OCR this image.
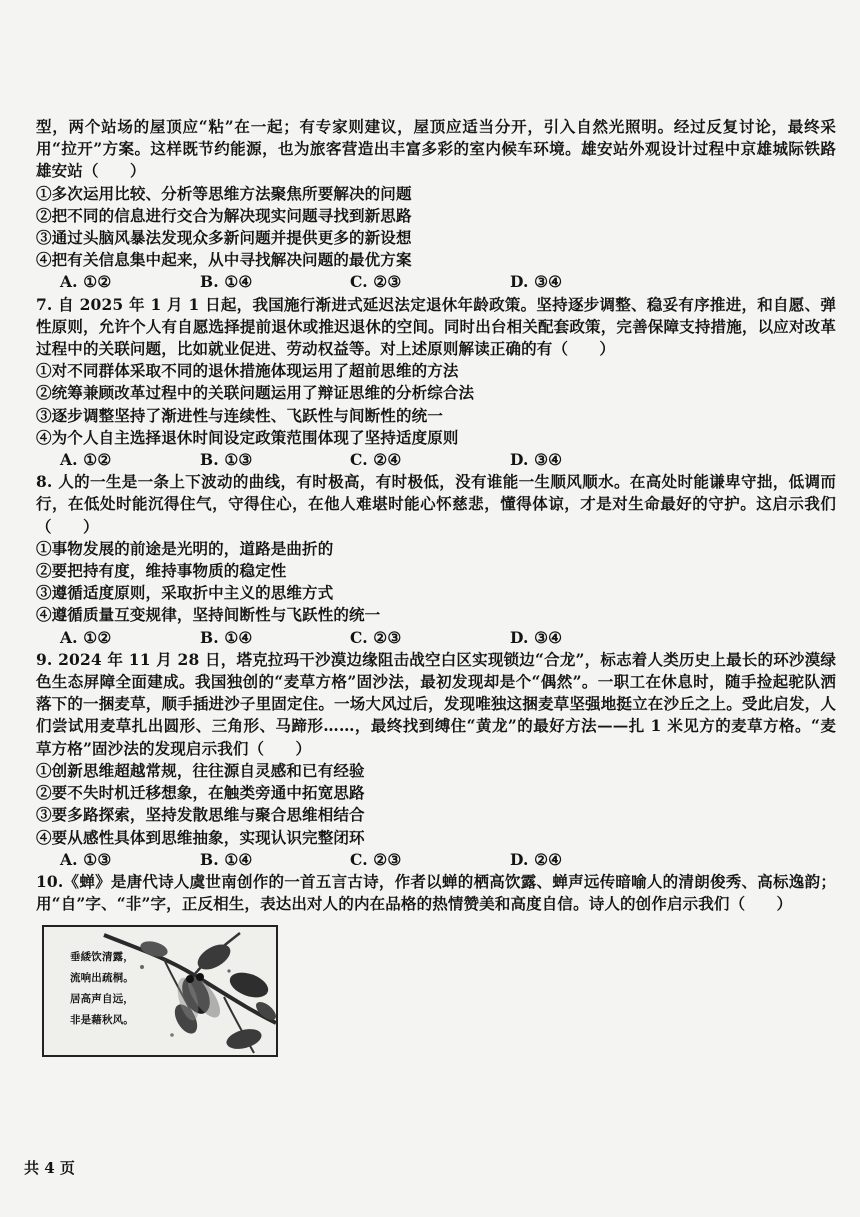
型，两个站场的屋顶应“粘”在一起；有专家则建议，屋顶应适当分开，引入自然光照明。经过反复讨论，最终采用“拉开”方案。这样既节约能源，也为旅客营造出丰富多彩的室内候车环境。雄安站外观设计过程中京雄城际铁路雄安站（　　）

①多次运用比较、分析等思维方法聚焦所要解决的问题

②把不同的信息进行交合为解决现实问题寻找到新思路

③通过头脑风暴法发现众多新问题并提供更多的新设想

④把有关信息集中起来，从中寻找解决问题的最优方案

A. ①②	B. ①④	C. ②③	D. ③④

7. 自 2025 年 1 月 1 日起，我国施行渐进式延迟法定退休年龄政策。坚持逐步调整、稳妥有序推进，和自愿、弹性原则，允许个人有自愿选择提前退休或推迟退休的空间。同时出台相关配套政策，完善保障支持措施，以应对改革过程中的关联问题，比如就业促进、劳动权益等。对上述原则解读正确的有（　　）

①对不同群体采取不同的退休措施体现运用了超前思维的方法

②统筹兼顾改革过程中的关联问题运用了辩证思维的分析综合法

③逐步调整坚持了渐进性与连续性、飞跃性与间断性的统一

④为个人自主选择退休时间设定政策范围体现了坚持适度原则

A. ①②	B. ①③	C. ②④	D. ③④

8. 人的一生是一条上下波动的曲线，有时极高，有时极低，没有谁能一生顺风顺水。在高处时能谦卑守拙，低调而行，在低处时能沉得住气，守得住心，在他人难堪时能心怀慈悲，懂得体谅，才是对生命最好的守护。这启示我们（　　）

①事物发展的前途是光明的，道路是曲折的

②要把持有度，维持事物质的稳定性

③遵循适度原则，采取折中主义的思维方式

④遵循质量互变规律，坚持间断性与飞跃性的统一

A. ①②	B. ①④	C. ②③	D. ③④

9. 2024 年 11 月 28 日，塔克拉玛干沙漠边缘阻击战空白区实现锁边“合龙”，标志着人类历史上最长的环沙漠绿色生态屏障全面建成。我国独创的“麦草方格”固沙法，最初发现却是个“偶然”。一职工在休息时，随手捡起驼队洒落下的一捆麦草，顺手插进沙子里固定住。一场大风过后，发现唯独这捆麦草坚强地挺立在沙丘之上。受此启发，人们尝试用麦草扎出圆形、三角形、马蹄形……，最终找到缚住“黄龙”的最好方法——扎 1 米见方的麦草方格。“麦草方格”固沙法的发现启示我们（　　）

①创新思维超越常规，往往源自灵感和已有经验

②要不失时机迁移想象，在触类旁通中拓宽思路

③要多路探索，坚持发散思维与聚合思维相结合

④要从感性具体到思维抽象，实现认识完整闭环

A. ①③	B. ①④	C. ②③	D. ②④

10.《蝉》是唐代诗人虞世南创作的一首五言古诗，作者以蝉的栖高饮露、蝉声远传暗喻人的清朗俊秀、高标逸韵；用“自”字、“非”字，正反相生，表达出对人的内在品格的热情赞美和高度自信。诗人的创作启示我们（　　）

垂緌饮清露，
流响出疏桐。
居高声自远，
非是藉秋风。
共 4 页
